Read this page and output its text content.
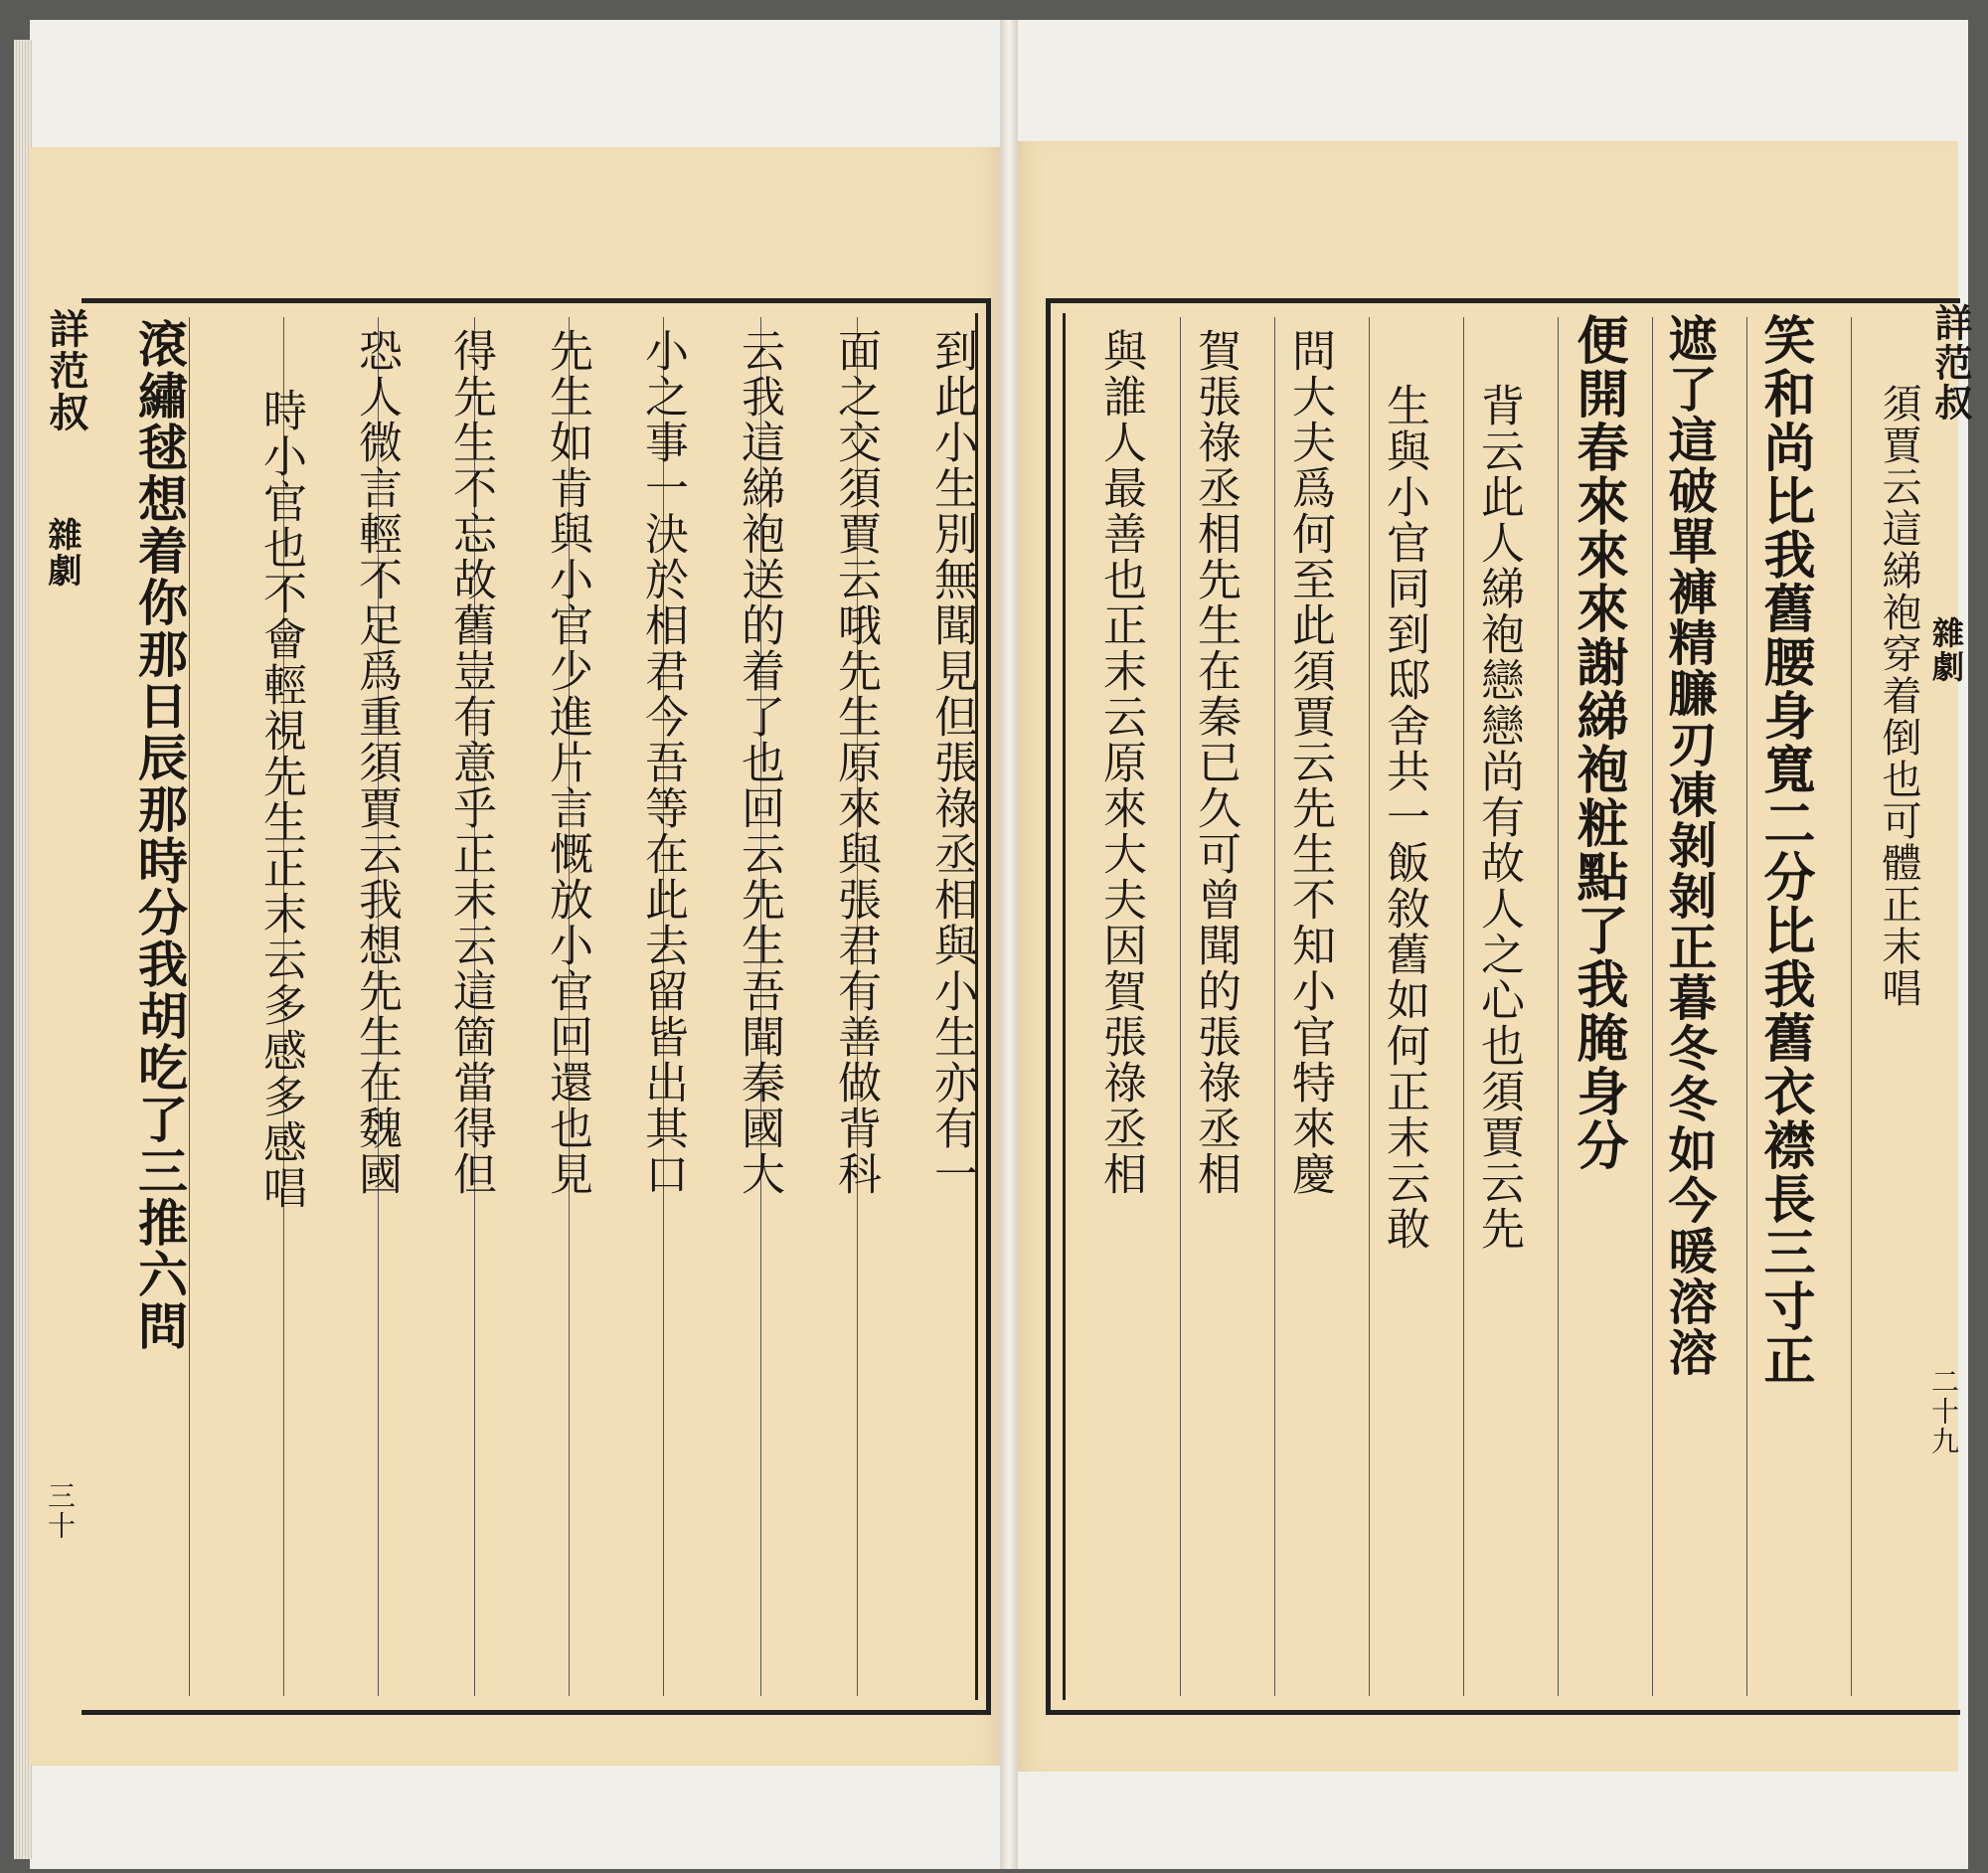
詳范叔
雜劇
三十
到此小生別無聞見但張祿丞相與小生亦有一
面之交須賈云哦先生原來與張君有善做背科
云我這綈袍送的着了也回云先生吾聞秦國大
小之事一決於相君今吾等在此去留皆出其口
先生如肯與小官少進片言慨放小官回還也見
得先生不忘故舊豈有意乎正末云這箇當得但
恐人微言輕不足爲重須賈云我想先生在魏國
時小官也不會輕視先生正末云多感多感唱
滾繡毬想着你那日辰那時分我胡吃了三推六問	笑和尚比我舊腰身寬二分比我舊衣襟長三寸正
遮了這破單褲精臁刃凍剝剝正暮冬冬如今暖溶溶
便開春來來來謝綈袍粧點了我腌身分
背云此人綈袍戀戀尚有故人之心也須賈云先
生與小官同到邸舍共一飯敘舊如何正末云敢
問大夫爲何至此須賈云先生不知小官特來慶
賀張祿丞相先生在秦已久可曾聞的張祿丞相
與誰人最善也正末云原來大夫因賀張祿丞相	須賈云這綈袍穿着倒也可體正末唱
詳范叔
雜劇
二十九
